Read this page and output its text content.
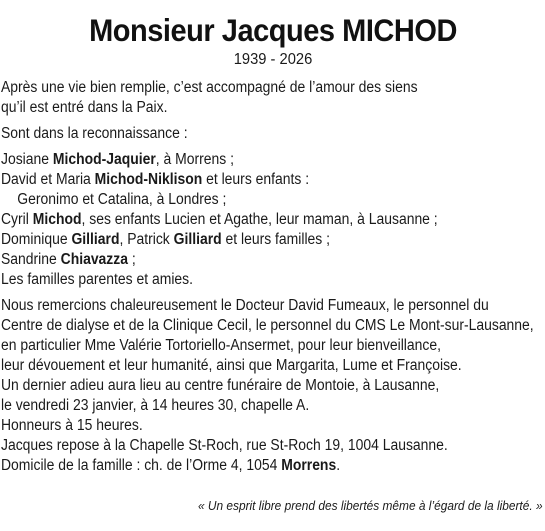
Monsieur Jacques MICHOD
1939 - 2026

Après une vie bien remplie, c’est accompagné de l’amour des siens

qu’il est entré dans la Paix.

Sont dans la reconnaissance :

Josiane Michod-Jaquier, à Morrens ;

David et Maria Michod-Niklison et leurs enfants :

Geronimo et Catalina, à Londres ;

Cyril Michod, ses enfants Lucien et Agathe, leur maman, à Lausanne ;

Dominique Gilliard, Patrick Gilliard et leurs familles ;

Sandrine Chiavazza ;

Les familles parentes et amies.

Nous remercions chaleureusement le Docteur David Fumeaux, le personnel du

Centre de dialyse et de la Clinique Cecil, le personnel du CMS Le Mont-sur-Lausanne,

en particulier Mme Valérie Tortoriello-Ansermet, pour leur bienveillance,

leur dévouement et leur humanité, ainsi que Margarita, Lume et Françoise.

Un dernier adieu aura lieu au centre funéraire de Montoie, à Lausanne,

le vendredi 23 janvier, à 14 heures 30, chapelle A.

Honneurs à 15 heures.

Jacques repose à la Chapelle St-Roch, rue St-Roch 19, 1004 Lausanne.

Domicile de la famille : ch. de l’Orme 4, 1054 Morrens.

« Un esprit libre prend des libertés même à l’égard de la liberté. »
